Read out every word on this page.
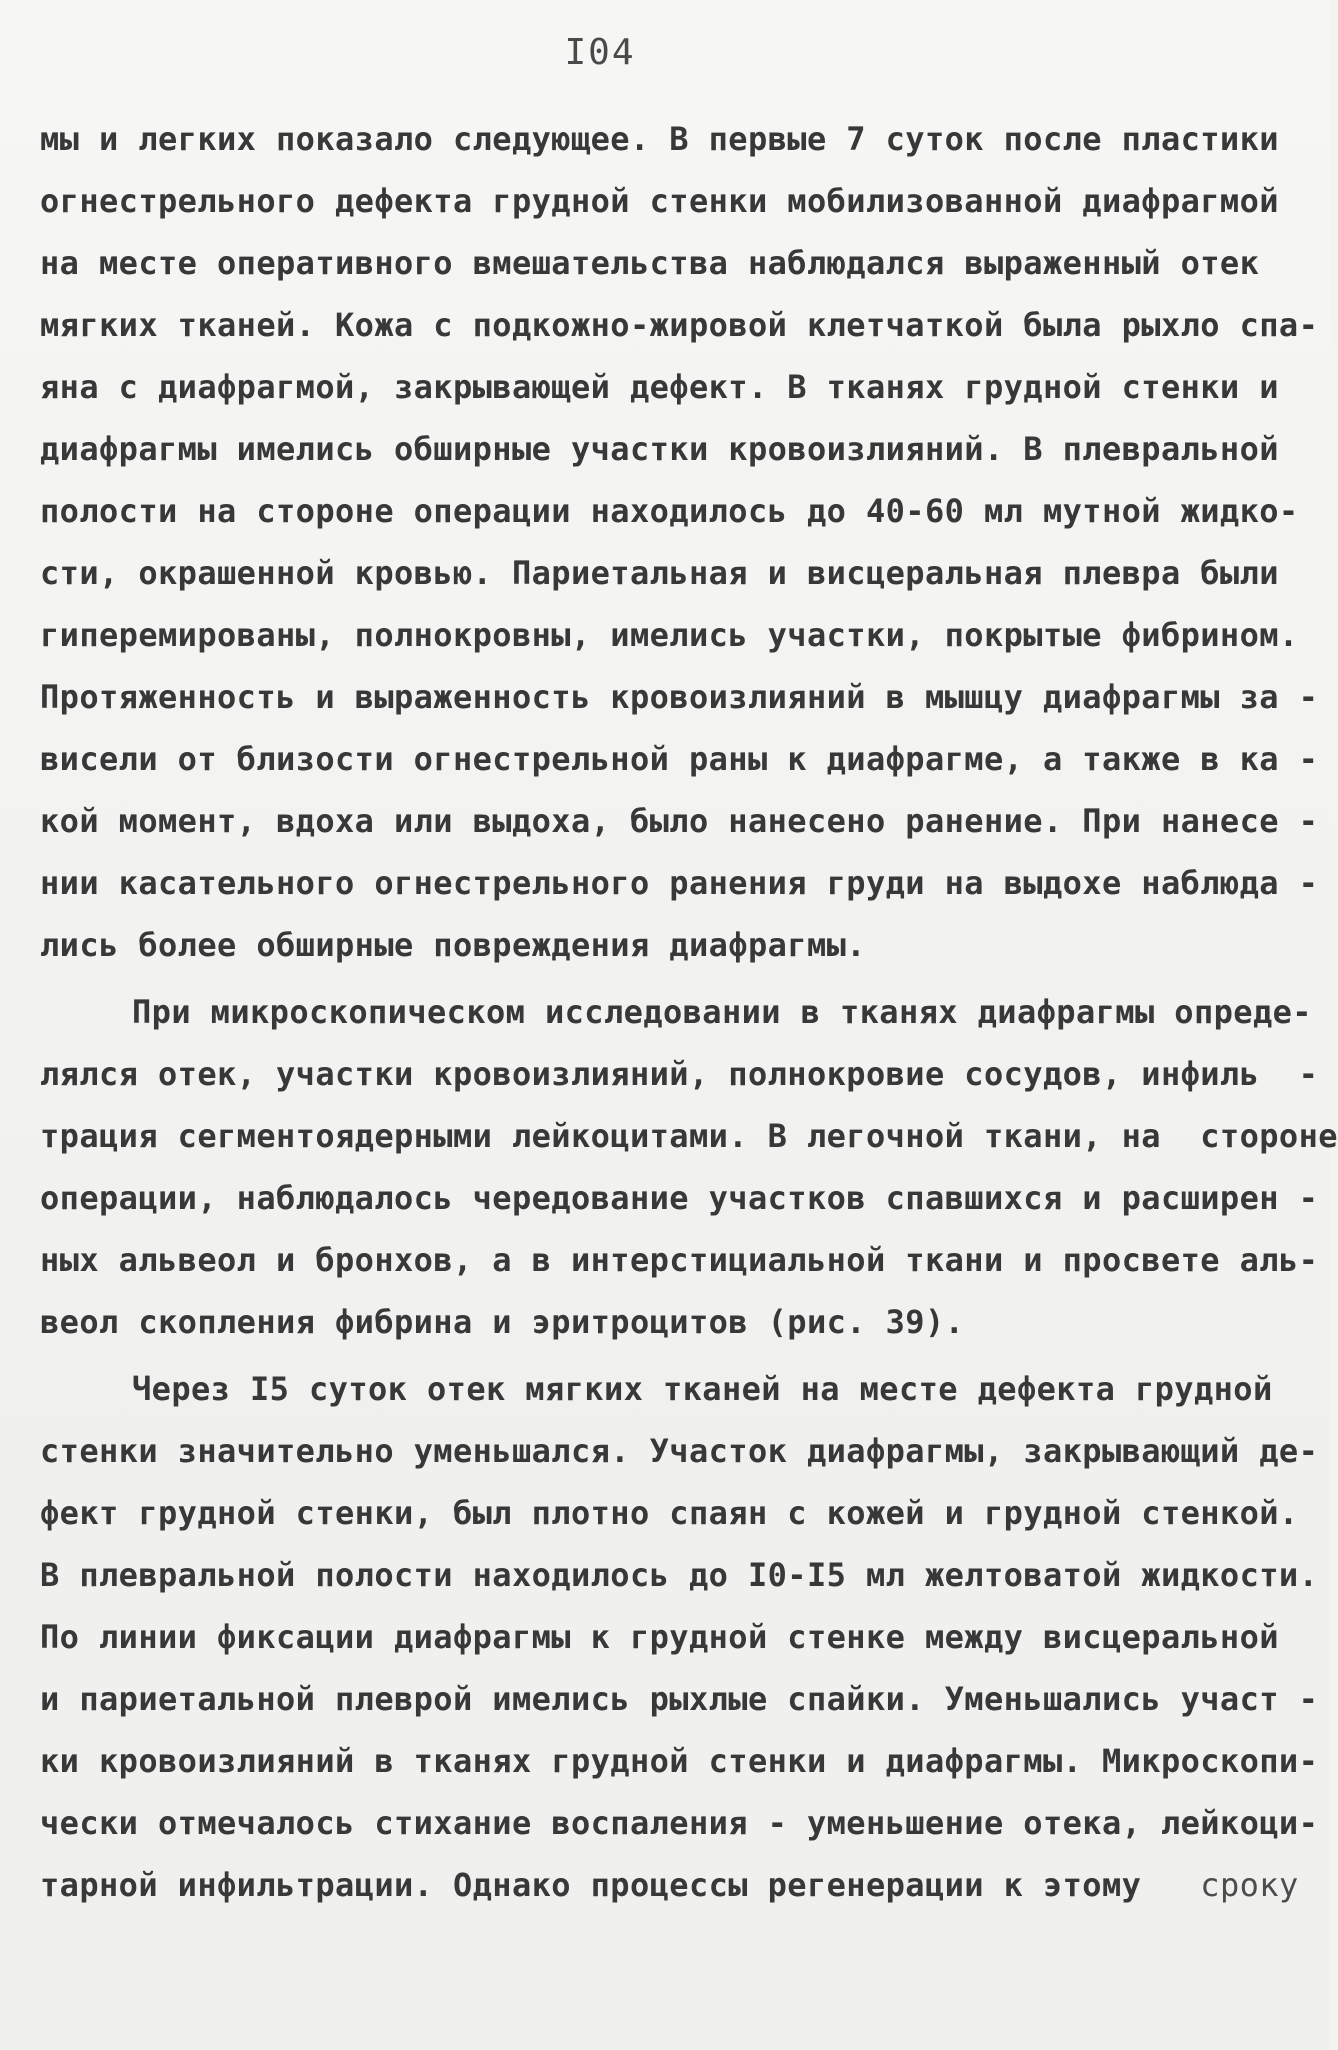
I04
мы и легких показало следующее. В первые 7 суток после пластики
огнестрельного дефекта грудной стенки мобилизованной диафрагмой
на месте оперативного вмешательства наблюдался выраженный отек
мягких тканей. Кожа с подкожно-жировой клетчаткой была рыхло спа-
яна с диафрагмой, закрывающей дефект. В тканях грудной стенки и
диафрагмы имелись обширные участки кровоизлияний. В плевральной
полости на стороне операции находилось до 40-60 мл мутной жидко-
сти, окрашенной кровью. Париетальная и висцеральная плевра были
гиперемированы, полнокровны, имелись участки, покрытые фибрином.
Протяженность и выраженность кровоизлияний в мышцу диафрагмы за -
висели от близости огнестрельной раны к диафрагме, а также в ка -
кой момент, вдоха или выдоха, было нанесено ранение. При нанесе -
нии касательного огнестрельного ранения груди на выдохе наблюда -
лись более обширные повреждения диафрагмы.
При микроскопическом исследовании в тканях диафрагмы опреде-
лялся отек, участки кровоизлияний, полнокровие сосудов, инфиль  -
трация сегментоядерными лейкоцитами. В легочной ткани, на  стороне
операции, наблюдалось чередование участков спавшихся и расширен -
ных альвеол и бронхов, а в интерстициальной ткани и просвете аль-
веол скопления фибрина и эритроцитов (рис. 39).
Через I5 суток отек мягких тканей на месте дефекта грудной
стенки значительно уменьшался. Участок диафрагмы, закрывающий де-
фект грудной стенки, был плотно спаян с кожей и грудной стенкой.
В плевральной полости находилось до I0-I5 мл желтоватой жидкости.
По линии фиксации диафрагмы к грудной стенке между висцеральной
и париетальной плеврой имелись рыхлые спайки. Уменьшались участ -
ки кровоизлияний в тканях грудной стенки и диафрагмы. Микроскопи-
чески отмечалось стихание воспаления - уменьшение отека, лейкоци-
тарной инфильтрации. Однако процессы регенерации к этому сроку
